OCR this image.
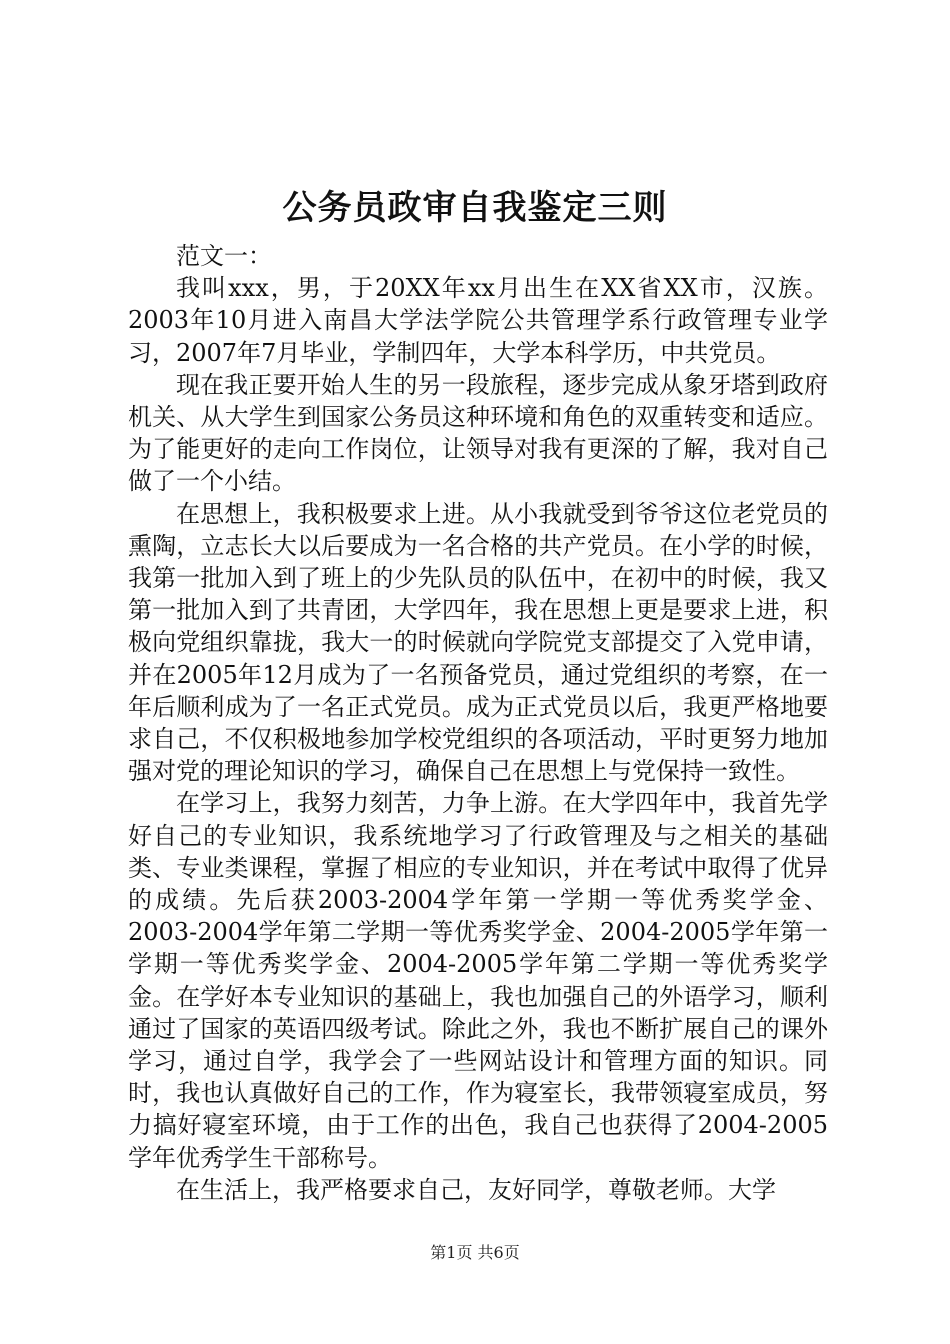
公务员政审自我鉴定三则

范文一：

我叫xxx，男，于20XX年xx月出生在XX省XX市，汉族。2003年10月进入南昌大学法学院公共管理学系行政管理专业学习，2007年7月毕业，学制四年，大学本科学历，中共党员。

现在我正要开始人生的另一段旅程，逐步完成从象牙塔到政府机关、从大学生到国家公务员这种环境和角色的双重转变和适应。为了能更好的走向工作岗位，让领导对我有更深的了解，我对自己做了一个小结。

在思想上，我积极要求上进。从小我就受到爷爷这位老党员的熏陶，立志长大以后要成为一名合格的共产党员。在小学的时候，我第一批加入到了班上的少先队员的队伍中，在初中的时候，我又第一批加入到了共青团，大学四年，我在思想上更是要求上进，积极向党组织靠拢，我大一的时候就向学院党支部提交了入党申请，并在2005年12月成为了一名预备党员，通过党组织的考察，在一年后顺利成为了一名正式党员。成为正式党员以后，我更严格地要求自己，不仅积极地参加学校党组织的各项活动，平时更努力地加强对党的理论知识的学习，确保自己在思想上与党保持一致性。

在学习上，我努力刻苦，力争上游。在大学四年中，我首先学好自己的专业知识，我系统地学习了行政管理及与之相关的基础类、专业类课程，掌握了相应的专业知识，并在考试中取得了优异的成绩。先后获2003-2004学年第一学期一等优秀奖学金、2003-2004学年第二学期一等优秀奖学金、2004-2005学年第一学期一等优秀奖学金、2004-2005学年第二学期一等优秀奖学金。在学好本专业知识的基础上，我也加强自己的外语学习，顺利通过了国家的英语四级考试。除此之外，我也不断扩展自己的课外学习，通过自学，我学会了一些网站设计和管理方面的知识。同时，我也认真做好自己的工作，作为寝室长，我带领寝室成员，努力搞好寝室环境，由于工作的出色，我自己也获得了2004-2005学年优秀学生干部称号。

在生活上，我严格要求自己，友好同学，尊敬老师。大学

第1页 共6页
